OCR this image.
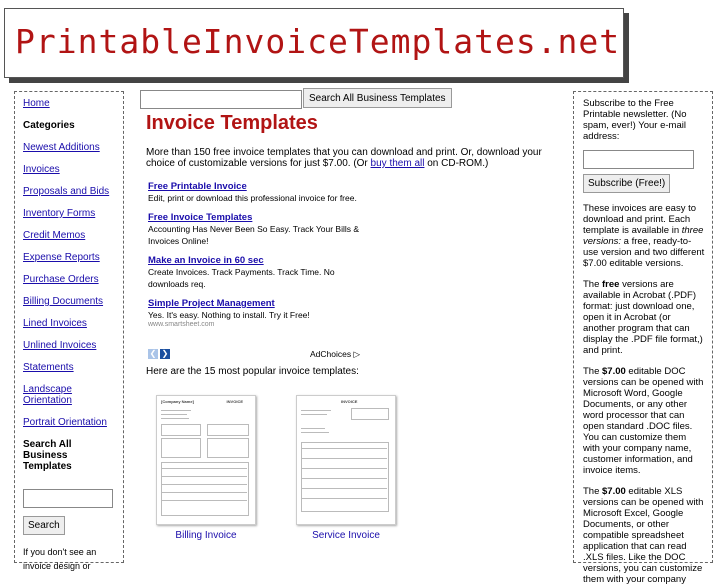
PrintableInvoiceTemplates.net
Home
Categories
Newest Additions
Invoices
Proposals and Bids
Inventory Forms
Credit Memos
Expense Reports
Purchase Orders
Billing Documents
Lined Invoices
Unlined Invoices
Statements
Landscape Orientation
Portrait Orientation
Search All Business Templates

Search
If you don't see an invoice design or
Search All Business Templates
Invoice Templates
More than 150 free invoice templates that you can download and print. Or, download your choice of customizable versions for just $7.00. (Or buy them all on CD-ROM.)
Free Printable Invoice
Edit, print or download this professional invoice for free.
Free Invoice Templates
Accounting Has Never Been So Easy. Track Your Bills & Invoices Online!
Make an Invoice in 60 sec
Create Invoices. Track Payments. Track Time. No downloads req.
Simple Project Management
Yes. It's easy. Nothing to install. Try it Free!
www.smartsheet.com
❮ ❯	AdChoices ▷
Here are the 15 most popular invoice templates:
[Company Name]	INVOICE
Billing Invoice
INVOICE
Service Invoice

Subscribe to the Free Printable newsletter. (No spam, ever!) Your e-mail address:

Subscribe (Free!)

These invoices are easy to download and print. Each template is available in three versions: a free, ready-to-use version and two different $7.00 editable versions.

The free versions are available in Acrobat (.PDF) format: just download one, open it in Acrobat (or another program that can display the .PDF file format,) and print.

The $7.00 editable DOC versions can be opened with Microsoft Word, Google Documents, or any other word processor that can open standard .DOC files. You can customize them with your company name, customer information, and invoice items.

The $7.00 editable XLS versions can be opened with Microsoft Excel, Google Documents, or other compatible spreadsheet application that can read .XLS files. Like the DOC versions, you can customize them with your company
